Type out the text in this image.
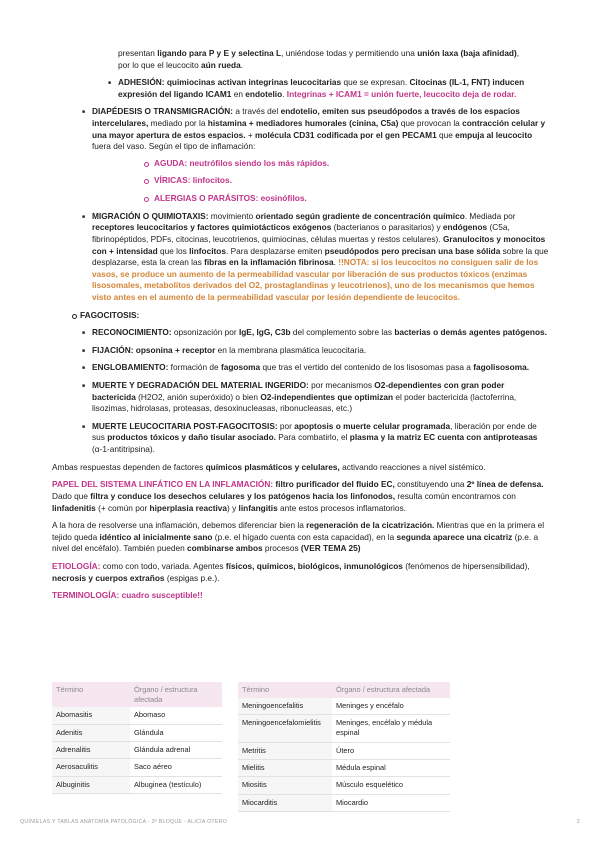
presentan ligando para P y E y selectina L, uniéndose todas y permitiendo una unión laxa (baja afinidad),
por lo que el leucocito aún rueda.
■ ADHESIÓN: quimiocinas activan integrinas leucocitarias que se expresan. Citocinas (IL-1, FNT) inducen expresión del ligando ICAM1 en endotelio. Integrinas + ICAM1 = unión fuerte, leucocito deja de rodar.
■ DIAPÉDESIS O TRANSMIGRACIÓN: a través del endotelio, emiten sus pseudópodos a través de los espacios intercelulares, mediado por la histamina + mediadores humorales (cinina, C5a) que provocan la contracción celular y una mayor apertura de estos espacios. + molécula CD31 codificada por el gen PECAM1 que empuja al leucocito fuera del vaso. Según el tipo de inflamación:
AGUDA: neutrófilos siendo los más rápidos.
VÍRICAS: linfocitos.
ALERGIAS O PARÁSITOS: eosinófilos.
■ MIGRACIÓN O QUIMIOTAXIS: movimiento orientado según gradiente de concentración químico. Mediada por receptores leucocitarios y factores quimiotácticos exógenos (bacterianos o parasitarios) y endógenos (C5a, fibrinopéptidos, PDFs, citocinas, leucotrienos, quimiocinas, células muertas y restos celulares). Granulocitos y monocitos con + intensidad que los linfocitos. Para desplazarse emiten pseudópodos pero precisan una base sólida sobre la que desplazarse, esta la crean las fibras en la inflamación fibrinosa. !!NOTA: si los leucocitos no consiguen salir de los vasos, se produce un aumento de la permeabilidad vascular por liberación de sus productos tóxicos (enzimas lisosomales, metabolitos derivados del O2, prostaglandinas y leucotrienos), uno de los mecanismos que hemos visto antes en el aumento de la permeabilidad vascular por lesión dependiente de leucocitos.
FAGOCITOSIS:
■ RECONOCIMIENTO: opsonización por IgE, IgG, C3b del complemento sobre las bacterias o demás agentes patógenos.
■ FIJACIÓN: opsonina + receptor en la membrana plasmática leucocitaria.
■ ENGLOBAMIENTO: formación de fagosoma que tras el vertido del contenido de los lisosomas pasa a fagolisosoma.
■ MUERTE Y DEGRADACIÓN DEL MATERIAL INGERIDO: por mecanismos O2-dependientes con gran poder bactericida (H2O2, anión superóxido) o bien O2-independientes que optimizan el poder bactericida (lactoferrina, lisozimas, hidrolasas, proteasas, desoxinucleasas, ribonucleasas, etc.)
■ MUERTE LEUCOCITARIA POST-FAGOCITOSIS: por apoptosis o muerte celular programada, liberación por ende de sus productos tóxicos y daño tisular asociado. Para combatirlo, el plasma y la matriz EC cuenta con antiproteasas (α-1-antitripsina).

Ambas respuestas dependen de factores químicos plasmáticos y celulares, activando reacciones a nivel sistémico.

PAPEL DEL SISTEMA LINFÁTICO EN LA INFLAMACIÓN: filtro purificador del fluido EC, constituyendo una 2º línea de defensa. Dado que filtra y conduce los desechos celulares y los patógenos hacia los linfonodos, resulta común encontrarnos con linfadenitis (+ común por hiperplasia reactiva) y linfangitis ante estos procesos inflamatorios.

A la hora de resolverse una inflamación, debemos diferenciar bien la regeneración de la cicatrización. Mientras que en la primera el tejido queda idéntico al inicialmente sano (p.e. el hígado cuenta con esta capacidad), en la segunda aparece una cicatriz (p.e. a nivel del encéfalo). También pueden combinarse ambos procesos (VER TEMA 25)

ETIOLOGÍA: como con todo, variada. Agentes físicos, químicos, biológicos, inmunológicos (fenómenos de hipersensibilidad), necrosis y cuerpos extraños (espigas p.e.).

TERMINOLOGÍA: cuadro susceptible!!

Término	Órgano / estructura afectada
Abomasitis	Abomaso
Adenitis	Glándula
Adrenalitis	Glándula adrenal
Aerosaculitis	Saco aéreo
Albuginitis	Albuginea (testículo)
Término	Órgano / estructura afectada
Meningoencefalitis	Meninges y encéfalo
Meningoencefalomielitis	Meninges, encéfalo y médula espinal
Metritis	Útero
Mielitis	Médula espinal
Miositis	Músculo esquelético
Miocarditis	Miocardio
QUINIELAS Y TABLAS ANATOMÍA PATOLÓGICA - 3º BLOQUE - ALICIA OTERO	2
